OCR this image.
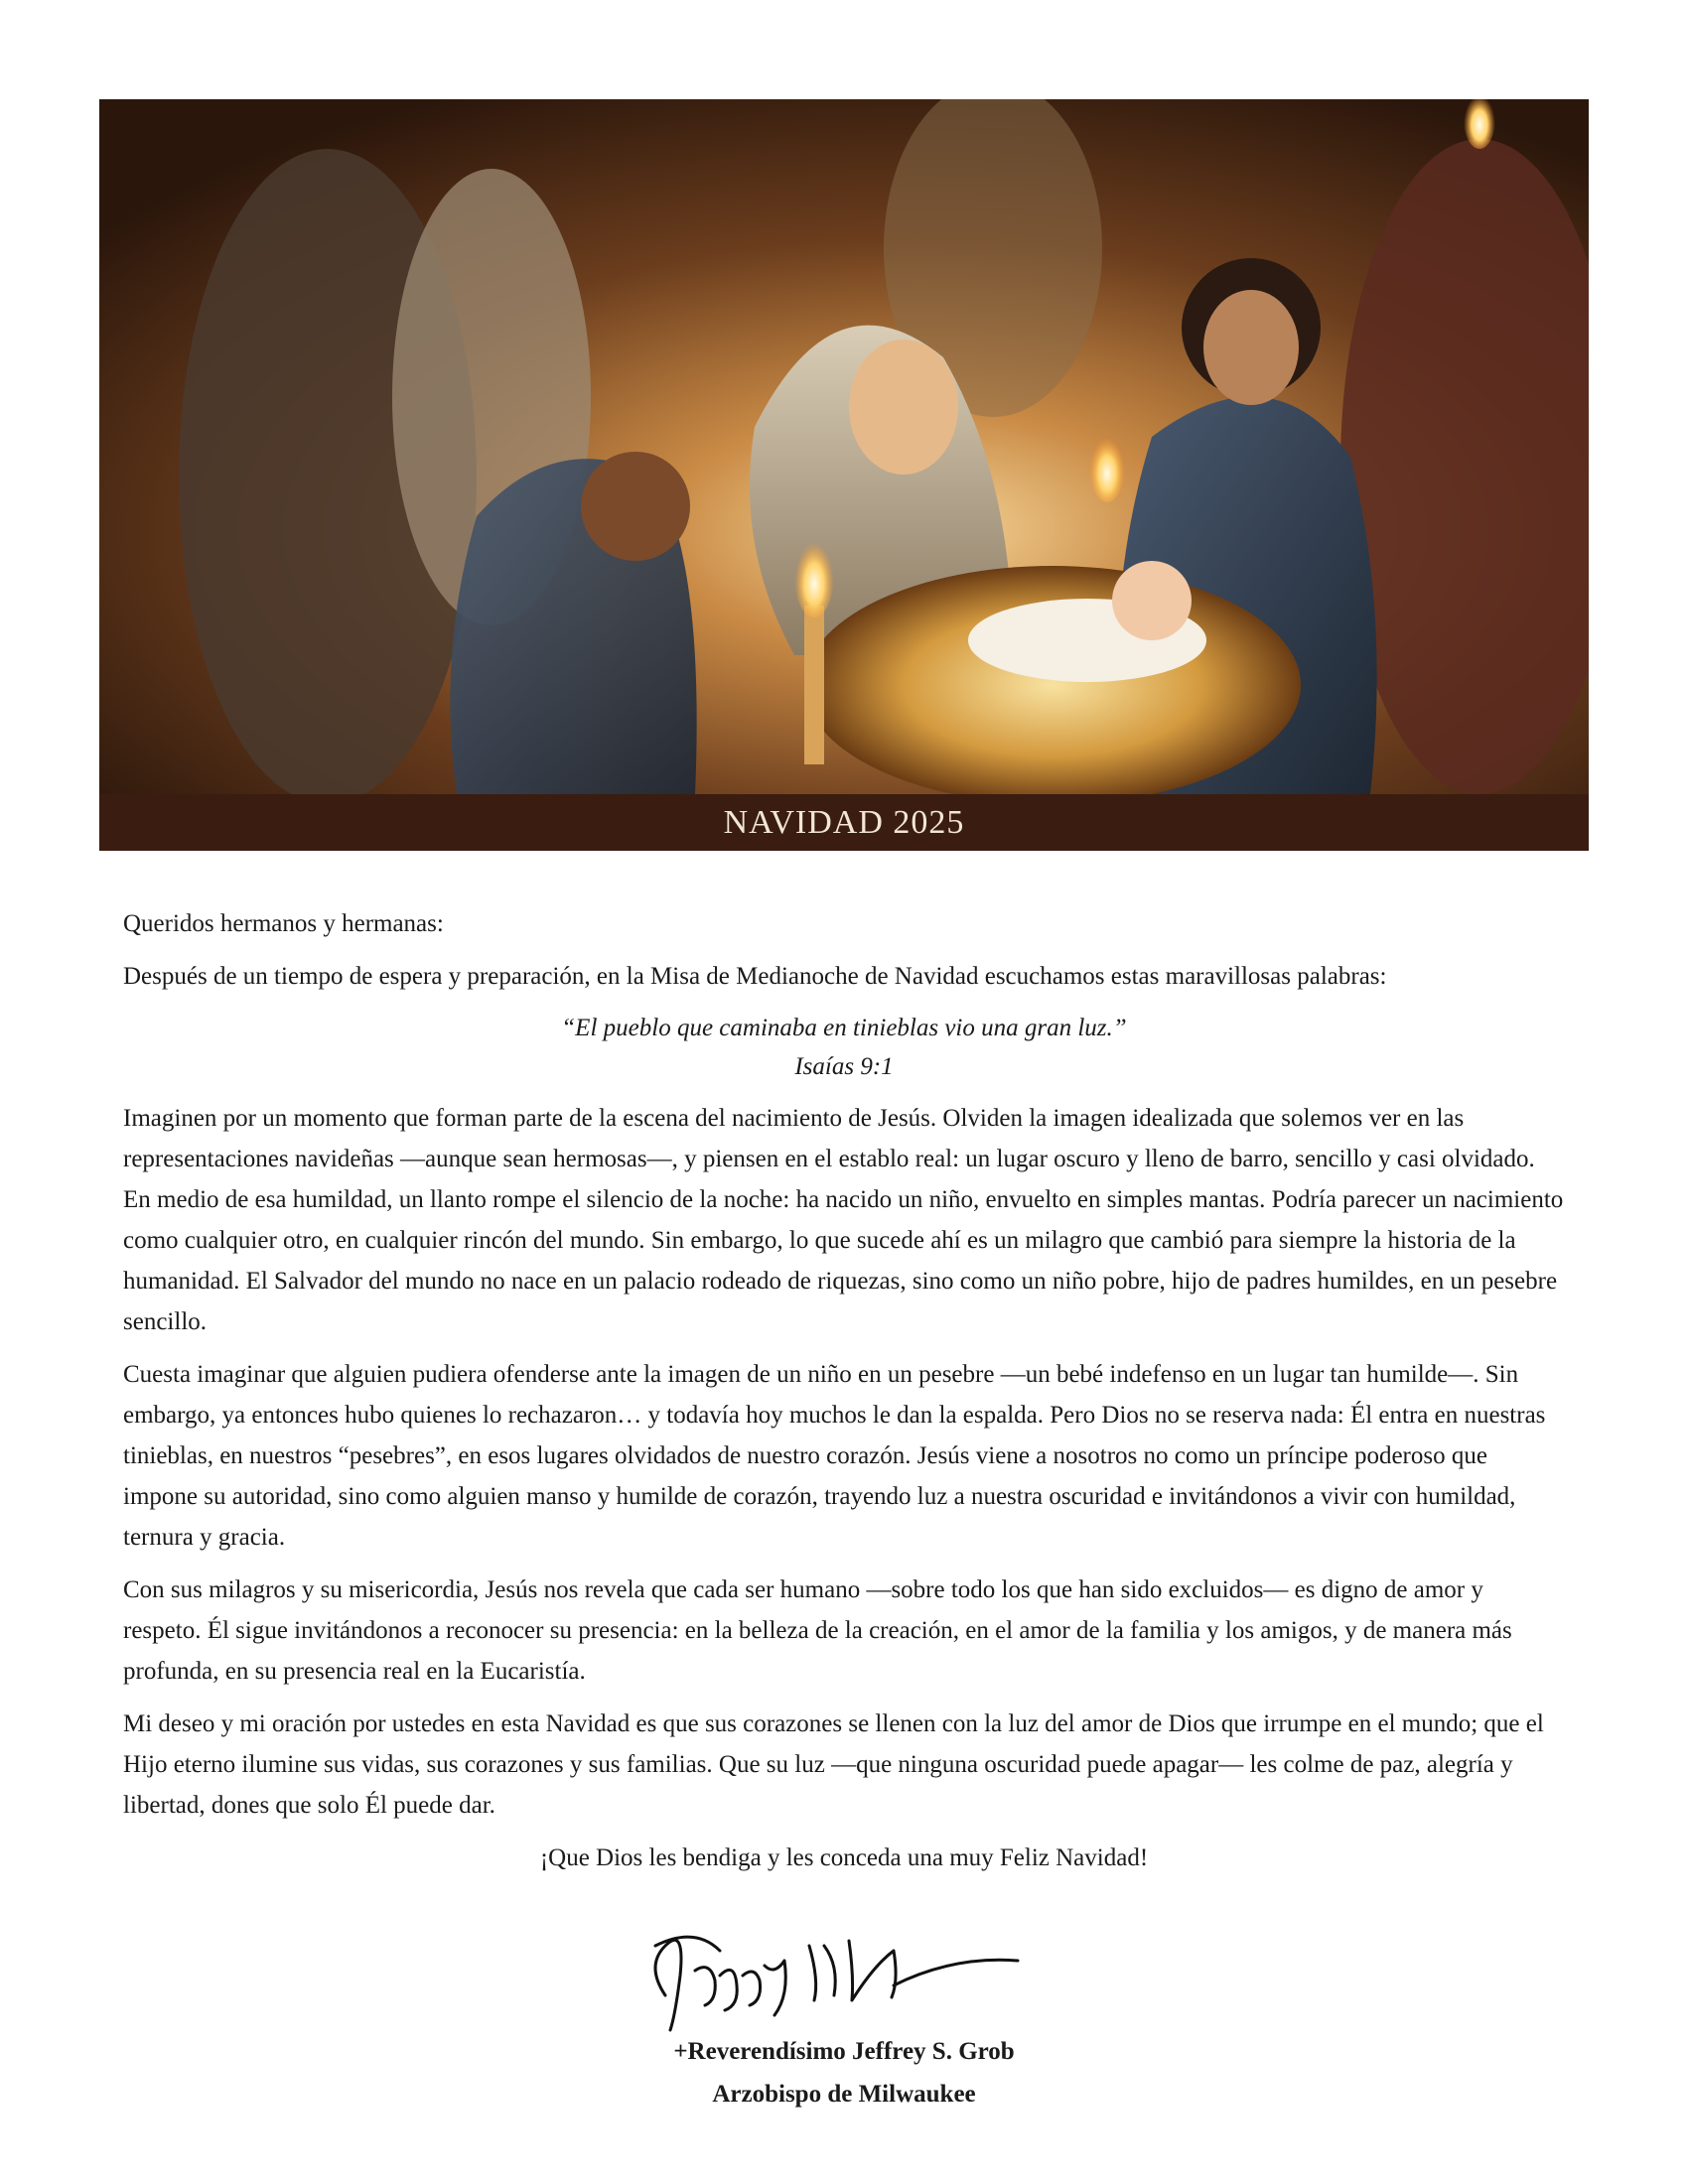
NAVIDAD 2025

Queridos hermanos y hermanas:

Después de un tiempo de espera y preparación, en la Misa de Medianoche de Navidad escuchamos estas maravillosas palabras:

“El pueblo que caminaba en tinieblas vio una gran luz.”
Isaías 9:1

Imaginen por un momento que forman parte de la escena del nacimiento de Jesús. Olviden la imagen idealizada que solemos ver en las representaciones navideñas —aunque sean hermosas—, y piensen en el establo real: un lugar oscuro y lleno de barro, sencillo y casi olvidado. En medio de esa humildad, un llanto rompe el silencio de la noche: ha nacido un niño, envuelto en simples mantas. Podría parecer un nacimiento como cualquier otro, en cualquier rincón del mundo. Sin embargo, lo que sucede ahí es un milagro que cambió para siempre la historia de la humanidad. El Salvador del mundo no nace en un palacio rodeado de riquezas, sino como un niño pobre, hijo de padres humildes, en un pesebre sencillo.

Cuesta imaginar que alguien pudiera ofenderse ante la imagen de un niño en un pesebre —un bebé indefenso en un lugar tan humilde—. Sin embargo, ya entonces hubo quienes lo rechazaron… y todavía hoy muchos le dan la espalda. Pero Dios no se reserva nada: Él entra en nuestras tinieblas, en nuestros “pesebres”, en esos lugares olvidados de nuestro corazón. Jesús viene a nosotros no como un príncipe poderoso que impone su autoridad, sino como alguien manso y humilde de corazón, trayendo luz a nuestra oscuridad e invitándonos a vivir con humildad, ternura y gracia.

Con sus milagros y su misericordia, Jesús nos revela que cada ser humano —sobre todo los que han sido excluidos— es digno de amor y respeto. Él sigue invitándonos a reconocer su presencia: en la belleza de la creación, en el amor de la familia y los amigos, y de manera más profunda, en su presencia real en la Eucaristía.

Mi deseo y mi oración por ustedes en esta Navidad es que sus corazones se llenen con la luz del amor de Dios que irrumpe en el mundo; que el Hijo eterno ilumine sus vidas, sus corazones y sus familias. Que su luz —que ninguna oscuridad puede apagar— les colme de paz, alegría y libertad, dones que solo Él puede dar.

¡Que Dios les bendiga y les conceda una muy Feliz Navidad!

+Reverendísimo Jeffrey S. Grob
Arzobispo de Milwaukee
